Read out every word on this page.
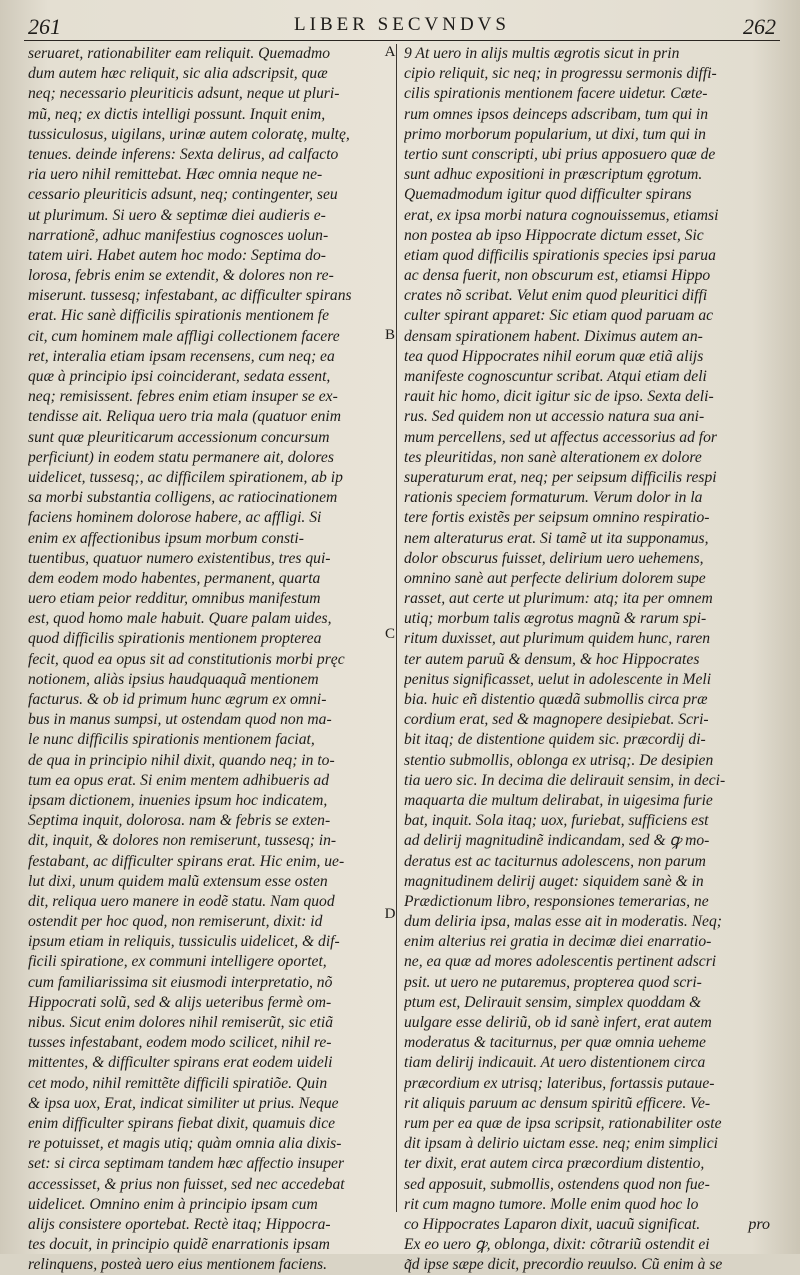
261	LIBER SECVNDVS	262
seruaret, rationabiliter eam reliquit. Quemadmo
dum autem hæc reliquit, sic alia adscripsit, quæ
neq; necessario pleuriticis adsunt, neque ut pluri-
mũ, neq; ex dictis intelligi possunt. Inquit enim,
tussiculosus, uigilans, urinæ autem coloratę, multę,
tenues. deinde inferens: Sexta delirus, ad calfacto
ria uero nihil remittebat. Hæc omnia neque ne-
cessario pleuriticis adsunt, neq; contingenter, seu
ut plurimum. Si uero & septimæ diei audieris e-
narrationẽ, adhuc manifestius cognosces uolun-
tatem uiri. Habet autem hoc modo: Septima do-
lorosa, febris enim se extendit, & dolores non re-
miserunt. tussesq; infestabant, ac difficulter spirans
erat. Hic sanè difficilis spirationis mentionem fe
cit, cum hominem male affligi collectionem facere
ret, interalia etiam ipsam recensens, cum neq; ea
quæ à principio ipsi coinciderant, sedata essent,
neq; remisissent. febres enim etiam insuper se ex-
tendisse ait. Reliqua uero tria mala (quatuor enim
sunt quæ pleuriticarum accessionum concursum
perficiunt) in eodem statu permanere ait, dolores
uidelicet, tussesq;, ac difficilem spirationem, ab ip
sa morbi substantia colligens, ac ratiocinationem
faciens hominem dolorose habere, ac affligi. Si
enim ex affectionibus ipsum morbum consti-
tuentibus, quatuor numero existentibus, tres qui-
dem eodem modo habentes, permanent, quarta
uero etiam peior redditur, omnibus manifestum
est, quod homo male habuit. Quare palam uides,
quod difficilis spirationis mentionem propterea
fecit, quod ea opus sit ad constitutionis morbi pręc
notionem, aliàs ipsius haudquaquã mentionem
facturus. & ob id primum hunc ægrum ex omni-
bus in manus sumpsi, ut ostendam quod non ma-
le nunc difficilis spirationis mentionem faciat,
de qua in principio nihil dixit, quando neq; in to-
tum ea opus erat. Si enim mentem adhibueris ad
ipsam dictionem, inuenies ipsum hoc indicatem,
Septima inquit, dolorosa. nam & febris se exten-
dit, inquit, & dolores non remiserunt, tussesq; in-
festabant, ac difficulter spirans erat. Hic enim, ue-
lut dixi, unum quidem malũ extensum esse osten
dit, reliqua uero manere in eodẽ statu. Nam quod
ostendit per hoc quod, non remiserunt, dixit: id
ipsum etiam in reliquis, tussiculis uidelicet, & dif-
ficili spiratione, ex communi intelligere oportet,
cum familiarissima sit eiusmodi interpretatio, nõ
Hippocrati solũ, sed & alijs ueteribus fermè om-
nibus. Sicut enim dolores nihil remiserũt, sic etiã
tusses infestabant, eodem modo scilicet, nihil re-
mittentes, & difficulter spirans erat eodem uideli
cet modo, nihil remittẽte difficili spiratiõe. Quin
& ipsa uox, Erat, indicat similiter ut prius. Neque
enim difficulter spirans fiebat dixit, quamuis dice
re potuisset, et magis utiq; quàm omnia alia dixis-
set: si circa septimam tandem hæc affectio insuper
accessisset, & prius non fuisset, sed nec accedebat
uidelicet. Omnino enim à principio ipsam cum
alijs consistere oportebat. Rectè itaq; Hippocra-
tes docuit, in principio quidẽ enarrationis ipsam
relinquens, posteà uero eius mentionem faciens.
9 At uero in alijs multis ægrotis sicut in prin
cipio reliquit, sic neq; in progressu sermonis diffi-
cilis spirationis mentionem facere uidetur. Cæte-
rum omnes ipsos deinceps adscribam, tum qui in
primo morborum popularium, ut dixi, tum qui in
tertio sunt conscripti, ubi prius apposuero quæ de
sunt adhuc expositioni in præscriptum ęgrotum.
Quemadmodum igitur quod difficulter spirans
erat, ex ipsa morbi natura cognouissemus, etiamsi
non postea ab ipso Hippocrate dictum esset, Sic
etiam quod difficilis spirationis species ipsi parua
ac densa fuerit, non obscurum est, etiamsi Hippo
crates nõ scribat. Velut enim quod pleuritici diffi
culter spirant apparet: Sic etiam quod paruam ac
densam spirationem habent. Diximus autem an-
tea quod Hippocrates nihil eorum quæ etiã alijs
manifeste cognoscuntur scribat. Atqui etiam deli
rauit hic homo, dicit igitur sic de ipso. Sexta deli-
rus. Sed quidem non ut accessio natura sua ani-
mum percellens, sed ut affectus accessorius ad for
tes pleuritidas, non sanè alterationem ex dolore
superaturum erat, neq; per seipsum difficilis respi
rationis speciem formaturum. Verum dolor in la
tere fortis existẽs per seipsum omnino respiratio-
nem alteraturus erat. Si tamẽ ut ita supponamus,
dolor obscurus fuisset, delirium uero uehemens,
omnino sanè aut perfecte delirium dolorem supe
rasset, aut certe ut plurimum: atq; ita per omnem
utiq; morbum talis ægrotus magnũ & rarum spi-
ritum duxisset, aut plurimum quidem hunc, raren
ter autem paruũ & densum, & hoc Hippocrates
penitus significasset, uelut in adolescente in Meli
bia. huic eñ distentio quædã submollis circa præ
cordium erat, sed & magnopere desipiebat. Scri-
bit itaq; de distentione quidem sic. præcordij di-
stentio submollis, oblonga ex utrisq;. De desipien
tia uero sic. In decima die delirauit sensim, in deci-
maquarta die multum delirabat, in uigesima furie
bat, inquit. Sola itaq; uox, furiebat, sufficiens est
ad delirij magnitudinẽ indicandam, sed & ꝙ mo-
deratus est ac taciturnus adolescens, non parum
magnitudinem delirij auget: siquidem sanè & in
Prædictionum libro, responsiones temerarias, ne
dum deliria ipsa, malas esse ait in moderatis. Neq;
enim alterius rei gratia in decimæ diei enarratio-
ne, ea quæ ad mores adolescentis pertinent adscri
psit. ut uero ne putaremus, propterea quod scri-
ptum est, Delirauit sensim, simplex quoddam &
uulgare esse deliriũ, ob id sanè infert, erat autem
moderatus & taciturnus, per quæ omnia ueheme
tiam delirij indicauit. At uero distentionem circa
præcordium ex utrisq; lateribus, fortassis putaue-
rit aliquis paruum ac densum spiritũ efficere. Ve-
rum per ea quæ de ipsa scripsit, rationabiliter oste
dit ipsam à delirio uictam esse. neq; enim simplici
ter dixit, erat autem circa præcordium distentio,
sed apposuit, submollis, ostendens quod non fue-
rit cum magno tumore. Molle enim quod hoc lo
co Hippocrates Laparon dixit, uacuũ significat.
Ex eo uero ꝙ, oblonga, dixit: cõtrariũ ostendit ei
q̃d ipse sæpe dicit, precordio reuulso. Cũ enim à se
A
B
C
D
pro
